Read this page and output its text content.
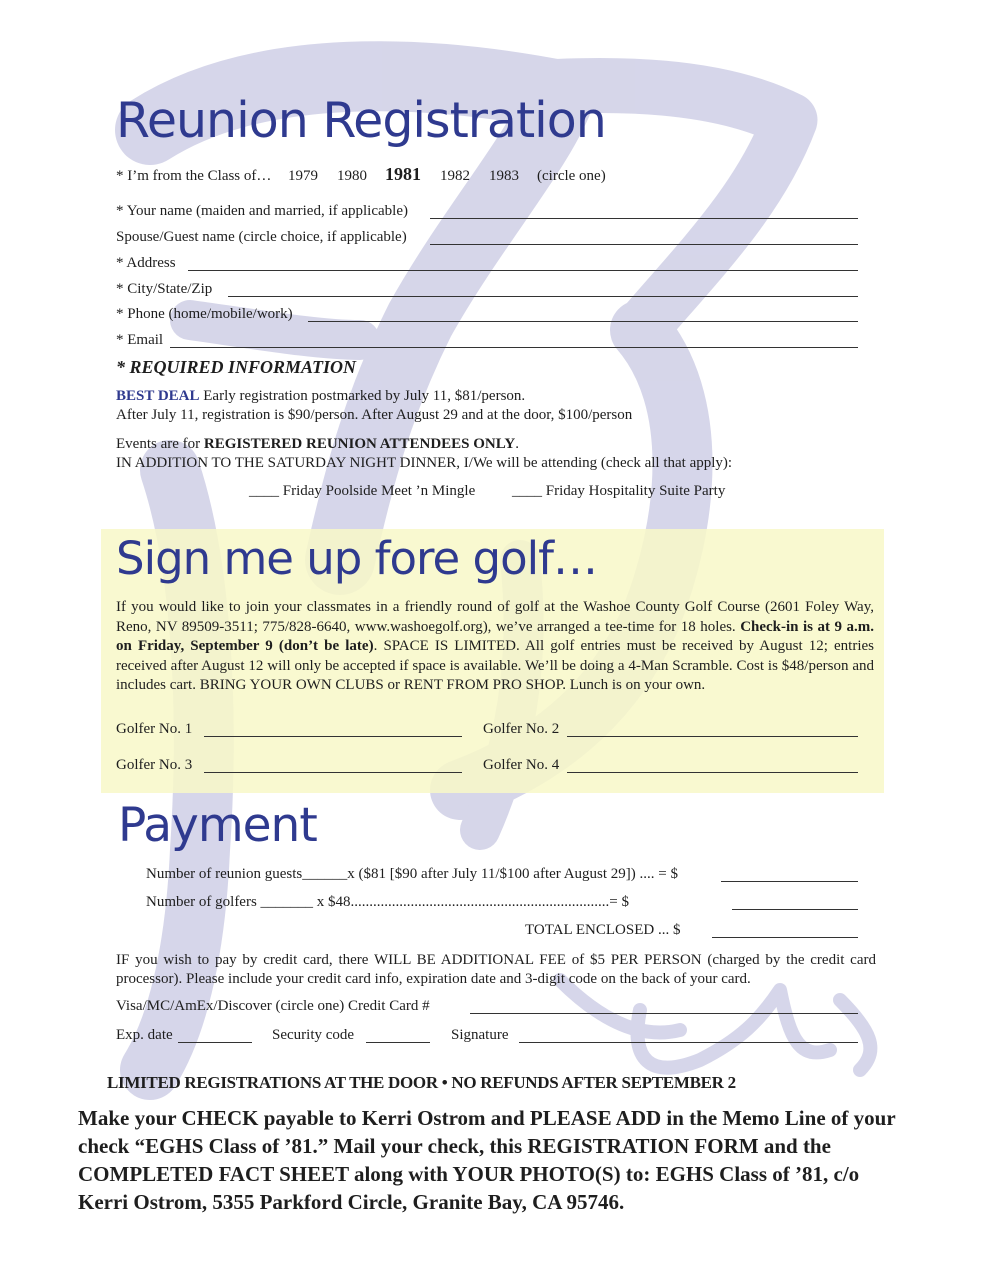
Reunion Registration
* I’m from the Class of… 1979 1980 1981 1982 1983 (circle one)
* Your name (maiden and married, if applicable)
Spouse/Guest name (circle choice, if applicable)
* Address
* City/State/Zip
* Phone (home/mobile/work)
* Email
* REQUIRED INFORMATION
BEST DEAL Early registration postmarked by July 11, $81/person.
After July 11, registration is $90/person. After August 29 and at the door, $100/person
Events are for REGISTERED REUNION ATTENDEES ONLY.
IN ADDITION TO THE SATURDAY NIGHT DINNER, I/We will be attending (check all that apply):
____ Friday Poolside Meet ’n Mingle ____ Friday Hospitality Suite Party
Sign me up fore golf…
If you would like to join your classmates in a friendly round of golf at the Washoe County Golf Course (2601 Foley Way, Reno, NV 89509-3511; 775/828-6640, www.washoegolf.org), we’ve arranged a tee-time for 18 holes. Check-in is at 9 a.m. on Friday, September 9 (don’t be late). SPACE IS LIMITED. All golf entries must be received by August 12; entries received after August 12 will only be accepted if space is available. We’ll be doing a 4-Man Scramble. Cost is $48/person and includes cart. BRING YOUR OWN CLUBS or RENT FROM PRO SHOP. Lunch is on your own.
Golfer No. 1	Golfer No. 2
Golfer No. 3	Golfer No. 4
Payment
Number of reunion guests______x ($81 [$90 after July 11/$100 after August 29]) .... = $
Number of golfers _______ x $48.....................................................................= $
TOTAL ENCLOSED ... $
IF you wish to pay by credit card, there WILL BE ADDITIONAL FEE of $5 PER PERSON (charged by the credit card processor). Please include your credit card info, expiration date and 3-digit code on the back of your card.
Visa/MC/AmEx/Discover (circle one) Credit Card #
Exp. date	Security code	Signature
LIMITED REGISTRATIONS AT THE DOOR • NO REFUNDS AFTER SEPTEMBER 2
Make your CHECK payable to Kerri Ostrom and PLEASE ADD in the Memo Line of your check “EGHS Class of ’81.” Mail your check, this REGISTRATION FORM and the COMPLETED FACT SHEET along with YOUR PHOTO(S) to: EGHS Class of ’81, c/o Kerri Ostrom, 5355 Parkford Circle, Granite Bay, CA 95746.
